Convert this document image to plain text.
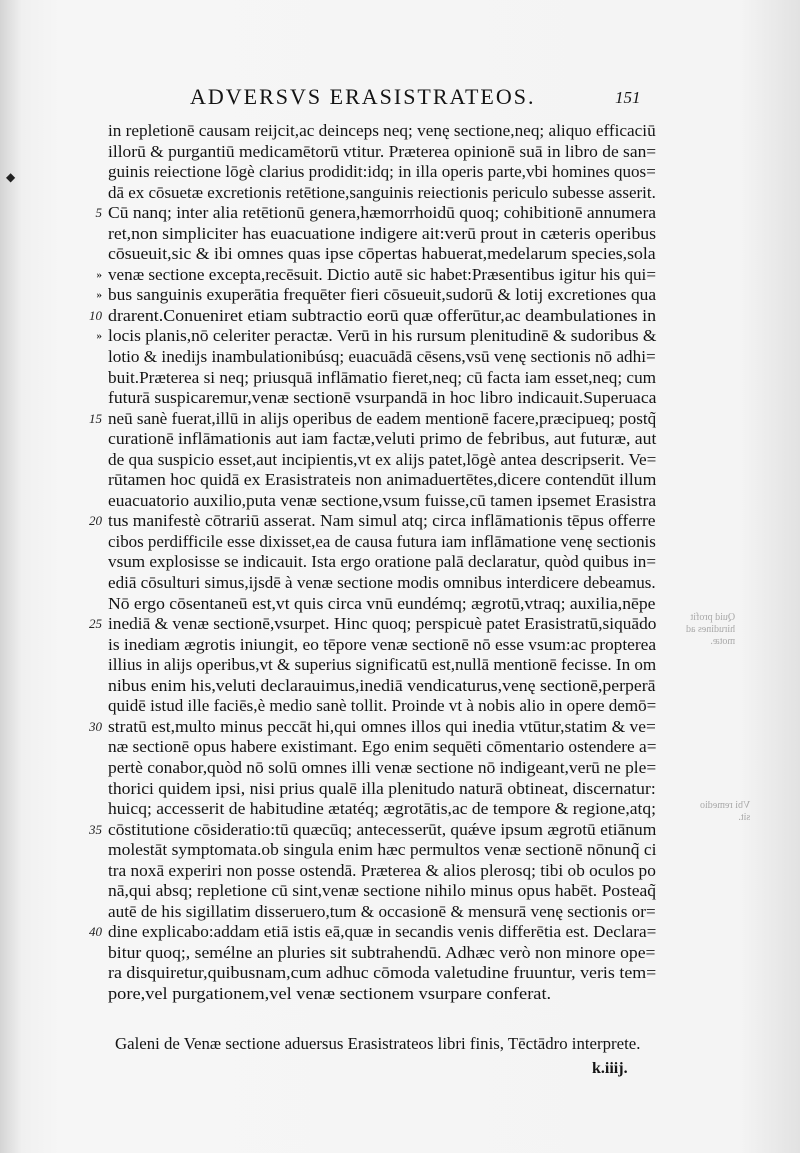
◆
Quid profit
hirudines ad
motæ.
Vbi remedio
sit.
ADVERSVS ERASISTRATEOS.	151
in repletionē causam reijcit,ac deinceps neq; venę sectione,neq; aliquo efficaciū
illorū & purgantiū medicamētorū vtitur. Præterea opinionē suā in libro de san=
guinis reiectione lōgè clarius prodidit:idq; in illa operis parte,vbi homines quos=
dā ex cōsuetæ excretionis retētione,sanguinis reiectionis periculo subesse asserit.
5 Cū nanq; inter alia retētionū genera,hæmorrhoidū quoq; cohibitionē annumera
ret,non simpliciter has euacuatione indigere ait:verū prout in cæteris operibus
cōsueuit,sic & ibi omnes quas ipse cōpertas habuerat,medelarum species,sola
» venæ sectione excepta,recēsuit. Dictio autē sic habet:Præsentibus igitur his qui=
» bus sanguinis exuperātia frequēter fieri cōsueuit,sudorū & lotij excretiones qua
10 drarent.Conueniret etiam subtractio eorū quæ offerūtur,ac deambulationes in
» locis planis,nō celeriter peractæ. Verū in his rursum plenitudinē & sudoribus &
lotio & inedijs inambulationibúsq; euacuādā cēsens,vsū venę sectionis nō adhi=
buit.Præterea si neq; priusquā inflāmatio fieret,neq; cū facta iam esset,neq; cum
futurā suspicaremur,venæ sectionē vsurpandā in hoc libro indicauit.Superuaca
15 neū sanè fuerat,illū in alijs operibus de eadem mentionē facere,præcipueq; postq̃
curationē inflāmationis aut iam factæ,veluti primo de febribus, aut futuræ, aut
de qua suspicio esset,aut incipientis,vt ex alijs patet,lōgè antea descripserit. Ve=
rūtamen hoc quidā ex Erasistrateis non animaduertētes,dicere contendūt illum
euacuatorio auxilio,puta venæ sectione,vsum fuisse,cū tamen ipsemet Erasistra
20 tus manifestè cōtrariū asserat. Nam simul atq; circa inflāmationis tēpus offerre
cibos perdifficile esse dixisset,ea de causa futura iam inflāmatione venę sectionis
vsum explosisse se indicauit. Ista ergo oratione palā declaratur, quòd quibus in=
ediā cōsulturi simus,ijsdē à venæ sectione modis omnibus interdicere debeamus.
Nō ergo cōsentaneū est,vt quis circa vnū eundémq; ægrotū,vtraq; auxilia,nēpe
25 inediā & venæ sectionē,vsurpet. Hinc quoq; perspicuè patet Erasistratū,siquādo
is inediam ægrotis iniungit, eo tēpore venæ sectionē nō esse vsum:ac propterea
illius in alijs operibus,vt & superius significatū est,nullā mentionē fecisse. In om
nibus enim his,veluti declarauimus,inediā vendicaturus,venę sectionē,perperā
quidē istud ille faciēs,è medio sanè tollit. Proinde vt à nobis alio in opere demō=
30 stratū est,multo minus peccāt hi,qui omnes illos qui inedia vtūtur,statim & ve=
næ sectionē opus habere existimant. Ego enim sequēti cōmentario ostendere a=
pertè conabor,quòd nō solū omnes illi venæ sectione nō indigeant,verū ne ple=
thorici quidem ipsi, nisi prius qualē illa plenitudo naturā obtineat, discernatur:
huicq; accesserit de habitudine ætatéq; ægrotātis,ac de tempore & regione,atq;
35 cōstitutione cōsideratio:tū quæcūq; antecesserūt, quǽve ipsum ægrotū etiānum
molestāt symptomata.ob singula enim hæc permultos venæ sectionē nōnunq̃ ci
tra noxā experiri non posse ostendā. Præterea & alios plerosq; tibi ob oculos po
nā,qui absq; repletione cū sint,venæ sectione nihilo minus opus habēt. Posteaq̃
autē de his sigillatim disseruero,tum & occasionē & mensurā venę sectionis or=
40 dine explicabo:addam etiā istis eā,quæ in secandis venis differētia est. Declara=
bitur quoq;, semélne an pluries sit subtrahendū. Adhæc verò non minore ope=
ra disquiretur,quibusnam,cum adhuc cōmoda valetudine fruuntur, veris tem=
pore,vel purgationem,vel venæ sectionem vsurpare conferat.
Galeni de Venæ sectione aduersus Erasistrateos libri finis, Tēctādro interprete.
k.iiij.
